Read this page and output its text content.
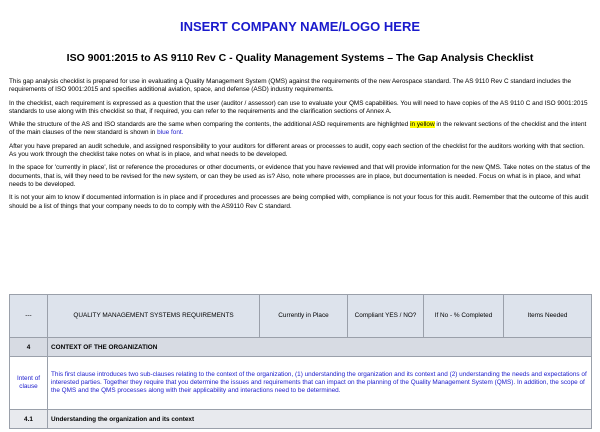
INSERT COMPANY NAME/LOGO HERE
ISO 9001:2015 to AS 9110 Rev C - Quality Management Systems – The Gap Analysis Checklist

This gap analysis checklist is prepared for use in evaluating a Quality Management System (QMS) against the requirements of the new Aerospace standard. The AS 9110 Rev C standard includes the requirements of ISO 9001:2015 and specifies additional aviation, space, and defense (ASD) industry requirements.

In the checklist, each requirement is expressed as a question that the user (auditor / assessor) can use to evaluate your QMS capabilities. You will need to have copies of the AS 9110 C and ISO 9001:2015 standards to use along with this checklist so that, if required, you can refer to the requirements and the clarification sections of Annex A.

While the structure of the AS and ISO standards are the same when comparing the contents, the additional ASD requirements are highlighted in yellow in the relevant sections of the checklist and the intent of the main clauses of the new standard is shown in blue font.

After you have prepared an audit schedule, and assigned responsibility to your auditors for different areas or processes to audit, copy each section of the checklist for the auditors working with that section. As you work through the checklist take notes on what is in place, and what needs to be developed.

In the space for 'currently in place', list or reference the procedures or other documents, or evidence that you have reviewed and that will provide information for the new QMS. Take notes on the status of the documents, that is, will they need to be revised for the new system, or can they be used as is? Also, note where processes are in place, but documentation is needed. Focus on what is in place, and what needs to be developed.

It is not your aim to know if documented information is in place and if procedures and processes are being complied with, compliance is not your focus for this audit. Remember that the outcome of this audit should be a list of things that your company needs to do to comply with the AS9110 Rev C standard.

---	QUALITY MANAGEMENT SYSTEMS REQUIREMENTS	Currently in Place	Compliant YES / NO?	If No - % Completed	Items Needed
4	CONTEXT OF THE ORGANIZATION				
Intent of clause	This first clause introduces two sub-clauses relating to the context of the organization, (1) understanding the organization and its context and (2) understanding the needs and expectations of interested parties. Together they require that you determine the issues and requirements that can impact on the planning of the Quality Management System (QMS). In addition, the scope of the QMS and the QMS processes along with their applicability and interactions need to be determined.				
4.1	Understanding the organization and its context				
